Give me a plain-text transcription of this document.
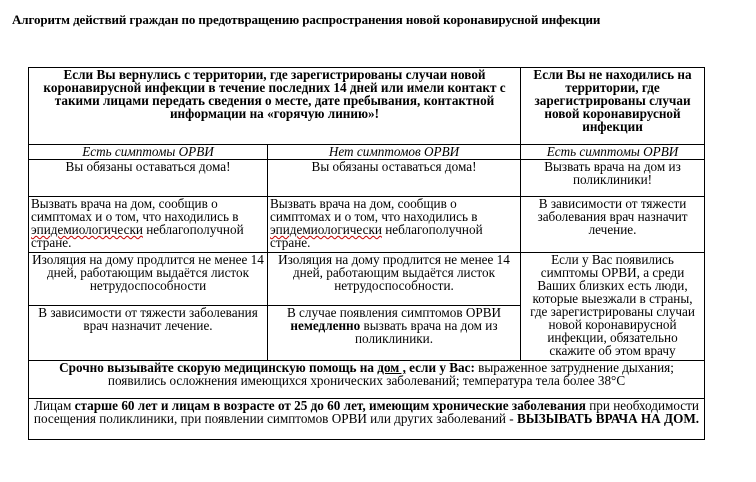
Алгоритм действий граждан по предотвращению распространения новой коронавирусной инфекции
Если Вы вернулись с территории, где зарегистрированы случаи новой коронавирусной инфекции в течение последних 14 дней или имели контакт с такими лицами передать сведения о месте, дате пребывания, контактной информации на «горячую линию»!		Если Вы не находились на территории, где зарегистрированы случаи новой коронавирусной инфекции
Есть симптомы ОРВИ	Нет симптомов ОРВИ	Есть симптомы ОРВИ
Вы обязаны оставаться дома!	Вы обязаны оставаться дома!	Вызвать врача на дом из поликлиники!
Вызвать врача на дом, сообщив о симптомах и о том, что находились в эпидемиологически неблагополучной стране.	Вызвать врача на дом, сообщив о симптомах и о том, что находились в эпидемиологически неблагополучной стране.	В зависимости от тяжести заболевания врач назначит лечение.
Изоляция на дому продлится не менее 14 дней, работающим выдаётся листок нетрудоспособности	Изоляция на дому продлится не менее 14 дней, работающим выдаётся листок нетрудоспособности.	Если у Вас появились симптомы ОРВИ, а среди Ваших близких есть люди, которые выезжали в страны, где зарегистрированы случаи новой коронавирусной инфекции, обязательно скажите об этом врачу
В зависимости от тяжести заболевания врач назначит лечение.	В случае появления симптомов ОРВИ немедленно вызвать врача на дом из поликлиники.	
Срочно вызывайте скорую медицинскую помощь на дом , если у Вас: выраженное затруднение дыхания; появились осложнения имеющихся хронических заболеваний; температура тела более 38°С		
Лицам старше 60 лет и лицам в возрасте от 25 до 60 лет, имеющим хронические заболевания при необходимости посещения поликлиники, при появлении симптомов ОРВИ или других заболеваний - ВЫЗЫВАТЬ ВРАЧА НА ДОМ.		
